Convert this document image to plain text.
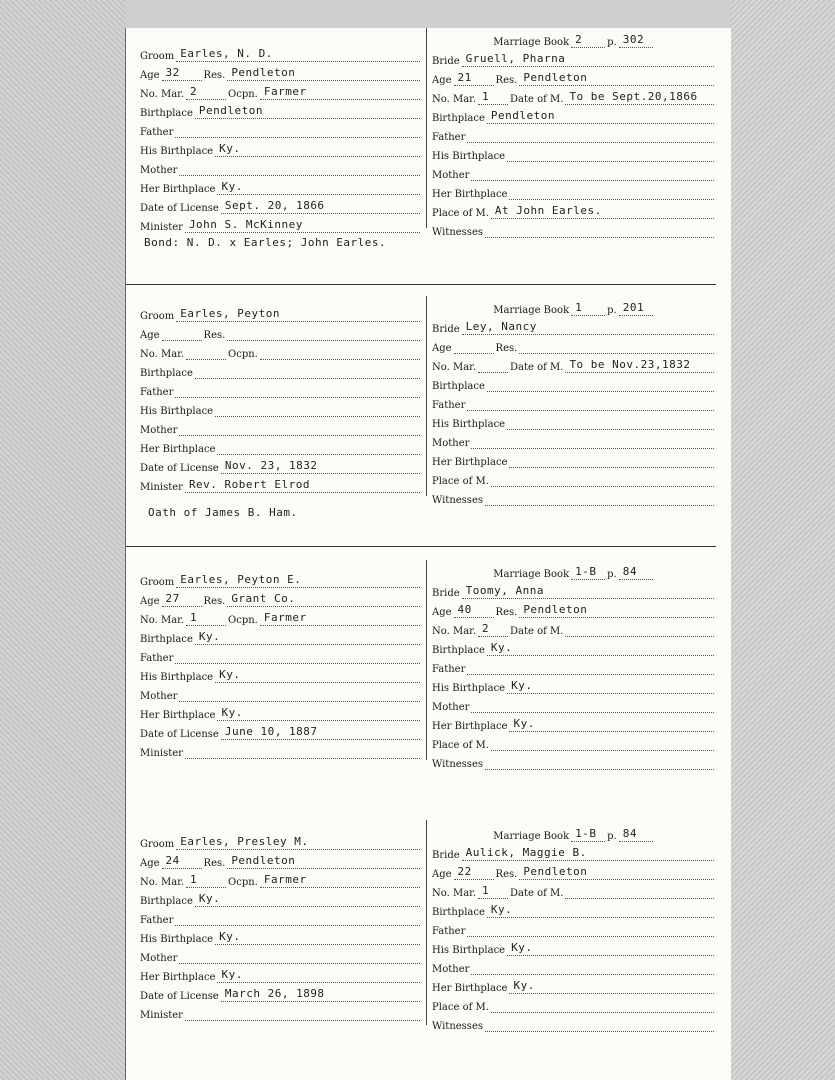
Groom Earles, N. D.
Age 32 Res. Pendleton
No. Mar. 2	Ocpn. Farmer
Birthplace Pendleton
Father
His Birthplace Ky.
Mother
Her Birthplace Ky.
Date of License Sept. 20, 1866
Minister John S. McKinney
Marriage Book 2 p. 302
Bride Gruell, Pharna
Age 21 Res. Pendleton
No. Mar. 1 Date of M. To be Sept.20,1866
Birthplace Pendleton
Father
His Birthplace
Mother
Her Birthplace
Place of M. At John Earles.
Witnesses
Bond: N. D. x Earles; John Earles.
Groom Earles, Peyton
Age	Res.
No. Mar.	Ocpn.
Birthplace
Father
His Birthplace
Mother
Her Birthplace
Date of License Nov. 23, 1832
Minister Rev. Robert Elrod
Marriage Book 1 p. 201
Bride Ley, Nancy
Age	Res.
No. Mar.	Date of M. To be Nov.23,1832
Birthplace
Father
His Birthplace
Mother
Her Birthplace
Place of M.
Witnesses
Oath of James B. Ham.
Groom Earles, Peyton E.
Age 27 Res. Grant Co.
No. Mar. 1	Ocpn. Farmer
Birthplace Ky.
Father
His Birthplace Ky.
Mother
Her Birthplace Ky.
Date of License June 10, 1887
Minister
Marriage Book 1-B p. 84
Bride Toomy, Anna
Age 40 Res. Pendleton
No. Mar. 2 Date of M.
Birthplace Ky.
Father
His Birthplace Ky.
Mother
Her Birthplace Ky.
Place of M.
Witnesses
Groom Earles, Presley M.
Age 24 Res. Pendleton
No. Mar. 1	Ocpn. Farmer
Birthplace Ky.
Father
His Birthplace Ky.
Mother
Her Birthplace Ky.
Date of License March 26, 1898
Minister
Marriage Book 1-B p. 84
Bride Aulick, Maggie B.
Age 22 Res. Pendleton
No. Mar. 1 Date of M.
Birthplace Ky.
Father
His Birthplace Ky.
Mother
Her Birthplace Ky.
Place of M.
Witnesses
